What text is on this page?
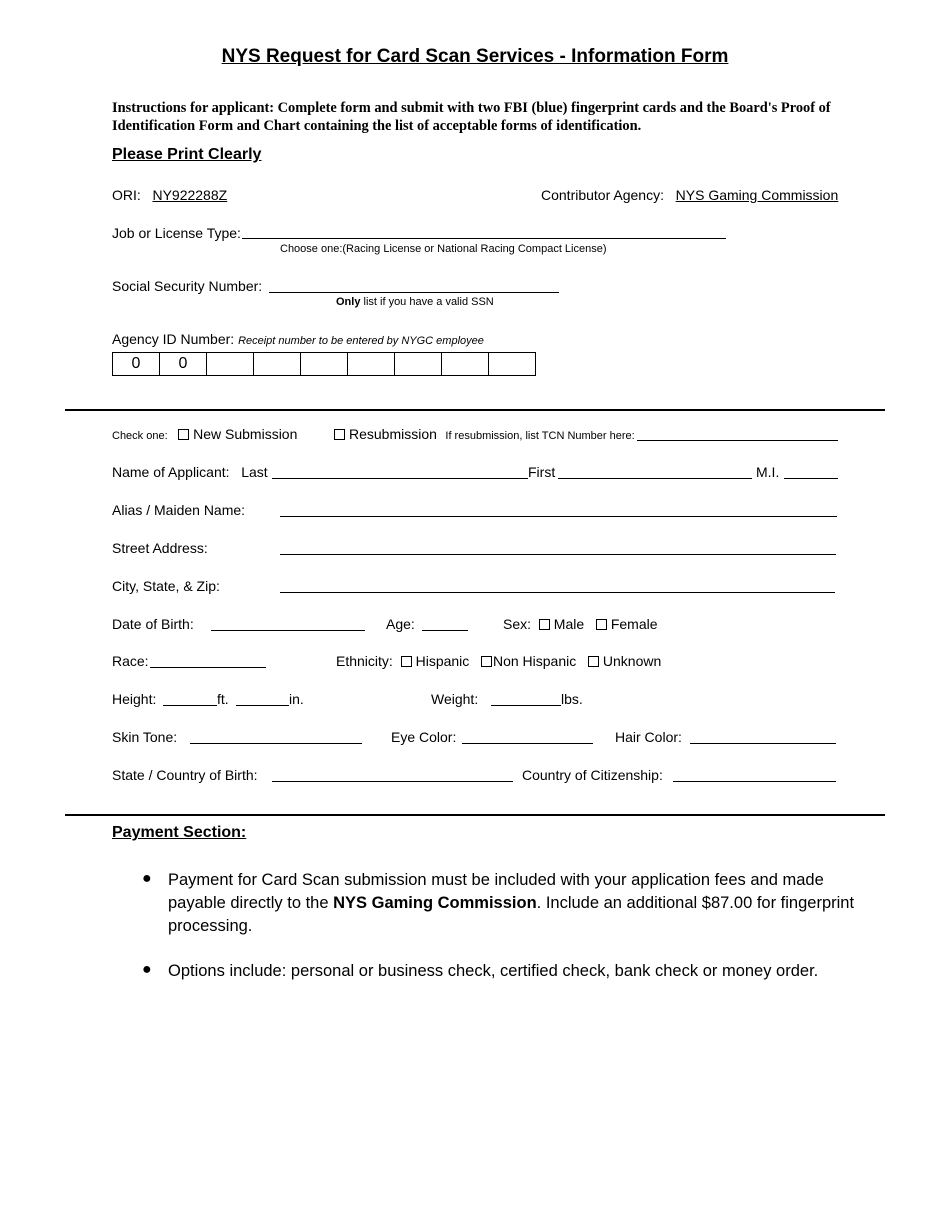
NYS Request for Card Scan Services - Information Form
Instructions for applicant: Complete form and submit with two FBI (blue) fingerprint cards and the Board's Proof of Identification Form and Chart containing the list of acceptable forms of identification.
Please Print Clearly
ORI: NY922288Z	Contributor Agency: NYS Gaming Commission
Job or License Type:
Choose one:(Racing License or National Racing Compact License)
Social Security Number:
Only list if you have a valid SSN
Agency ID Number: Receipt number to be entered by NYGC employee
0	0
Check one: New Submission	Resubmission If resubmission, list TCN Number here:
Name of Applicant: Last	First	M.I.
Alias / Maiden Name:
Street Address:
City, State, & Zip:
Date of Birth:	Age:	Sex: Male Female
Race:	Ethnicity: Hispanic Non Hispanic Unknown
Height:	ft.	in.	Weight:	lbs.
Skin Tone:	Eye Color:	Hair Color:
State / Country of Birth:	Country of Citizenship:
Payment Section:
● Payment for Card Scan submission must be included with your application fees and made payable directly to the NYS Gaming Commission. Include an additional $87.00 for fingerprint processing.
● Options include: personal or business check, certified check, bank check or money order.
